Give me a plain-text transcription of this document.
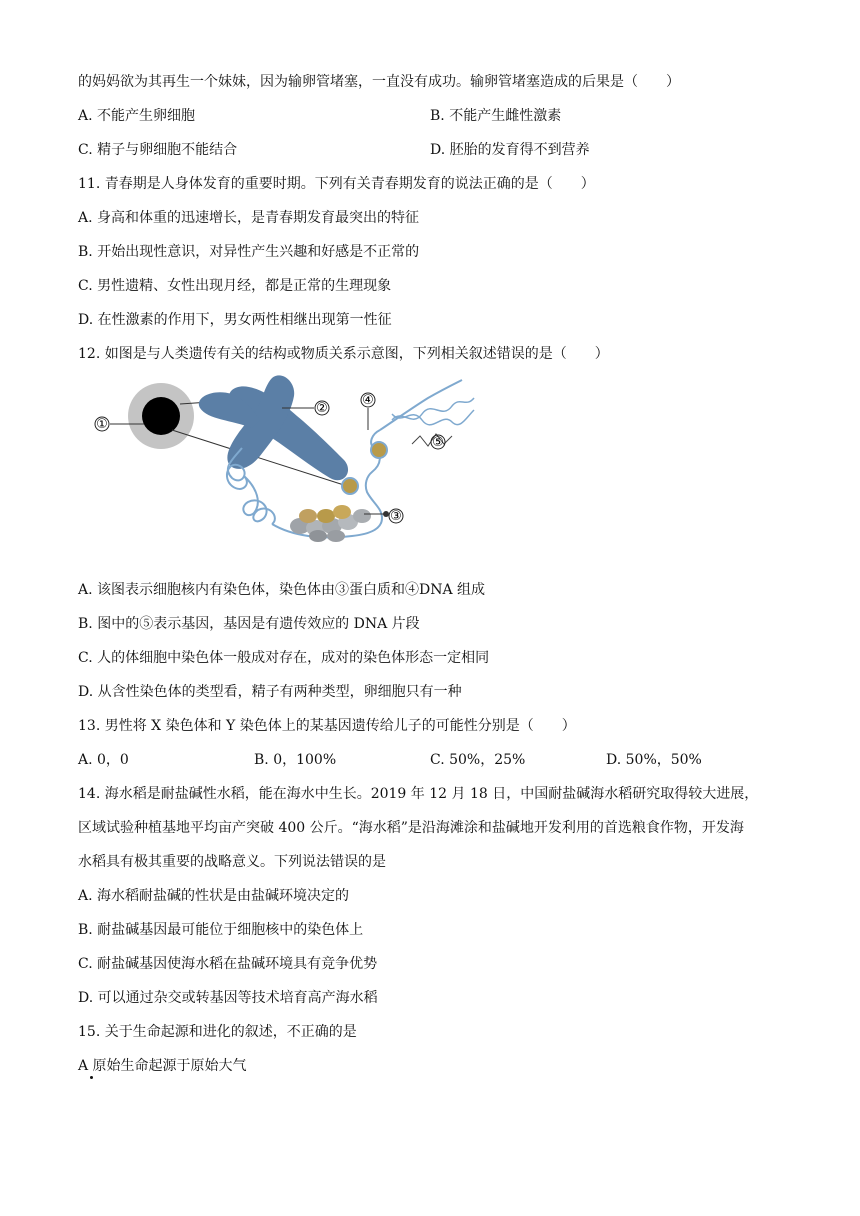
的妈妈欲为其再生一个妹妹，因为输卵管堵塞，一直没有成功。输卵管堵塞造成的后果是（　　）
A. 不能产生卵细胞	B. 不能产生雌性激素
C. 精子与卵细胞不能结合	D. 胚胎的发育得不到营养
11. 青春期是人身体发育的重要时期。下列有关青春期发育的说法正确的是（　　）
A. 身高和体重的迅速增长，是青春期发育最突出的特征
B. 开始出现性意识，对异性产生兴趣和好感是不正常的
C. 男性遗精、女性出现月经，都是正常的生理现象
D. 在性激素的作用下，男女两性相继出现第一性征
12. 如图是与人类遗传有关的结构或物质关系示意图，下列相关叙述错误的是（　　）
①
②
③
④
⑤
A. 该图表示细胞核内有染色体，染色体由③蛋白质和④DNA 组成
B. 图中的⑤表示基因，基因是有遗传效应的 DNA 片段
C. 人的体细胞中染色体一般成对存在，成对的染色体形态一定相同
D. 从含性染色体的类型看，精子有两种类型，卵细胞只有一种
13. 男性将 X 染色体和 Y 染色体上的某基因遗传给儿子的可能性分别是（　　）
A. 0，0	B. 0，100%	C. 50%，25%	D. 50%，50%
14. 海水稻是耐盐碱性水稻，能在海水中生长。2019 年 12 月 18 日，中国耐盐碱海水稻研究取得较大进展，
区域试验种植基地平均亩产突破 400 公斤。“海水稻”是沿海滩涂和盐碱地开发利用的首选粮食作物，开发海
水稻具有极其重要的战略意义。下列说法错误的是
A. 海水稻耐盐碱的性状是由盐碱环境决定的
B. 耐盐碱基因最可能位于细胞核中的染色体上
C. 耐盐碱基因使海水稻在盐碱环境具有竞争优势
D. 可以通过杂交或转基因等技术培育高产海水稻
15. 关于生命起源和进化的叙述，不正确的是
A 原始生命起源于原始大气
